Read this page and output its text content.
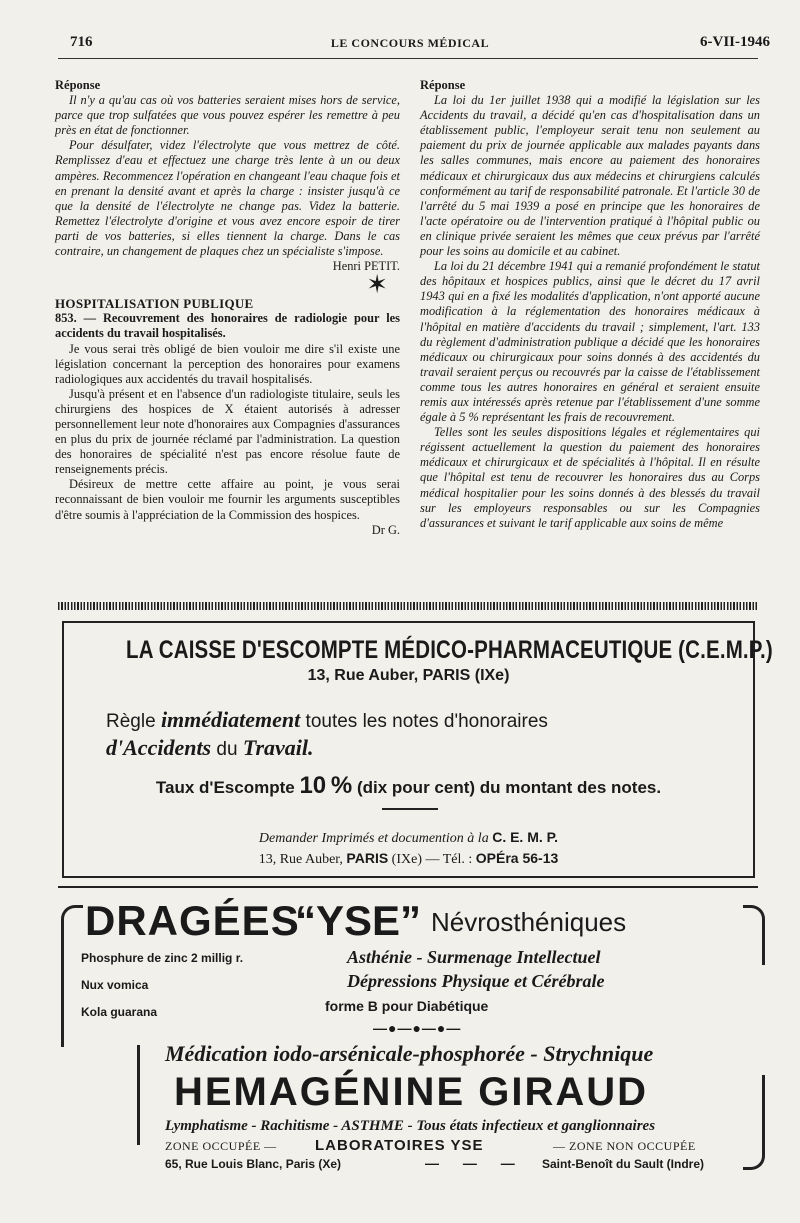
716	LE CONCOURS MÉDICAL	6-VII-1946

Réponse

Il n'y a qu'au cas où vos batteries seraient mises hors de service, parce que trop sulfatées que vous pouvez espérer les remettre à peu près en état de fonctionner.

Pour désulfater, videz l'électrolyte que vous mettrez de côté. Remplissez d'eau et effectuez une charge très lente à un ou deux ampères. Recommencez l'opération en changeant l'eau chaque fois et en prenant la densité avant et après la charge : insister jusqu'à ce que la densité de l'électrolyte ne change pas. Videz la batterie. Remettez l'électrolyte d'origine et vous avez encore espoir de tirer parti de vos batteries, si elles tiennent la charge. Dans le cas contraire, un changement de plaques chez un spécialiste s'impose.

Henri PETIT.

✶

HOSPITALISATION PUBLIQUE

853. — Recouvrement des honoraires de radiologie pour les accidents du travail hospitalisés.

Je vous serai très obligé de bien vouloir me dire s'il existe une législation concernant la perception des honoraires pour examens radiologiques aux accidentés du travail hospitalisés.

Jusqu'à présent et en l'absence d'un radiologiste titulaire, seuls les chirurgiens des hospices de X étaient autorisés à adresser personnellement leur note d'honoraires aux Compagnies d'assurances en plus du prix de journée réclamé par l'administration. La question des honoraires de spécialité n'est pas encore résolue faute de renseignements précis.

Désireux de mettre cette affaire au point, je vous serai reconnaissant de bien vouloir me fournir les arguments susceptibles d'être soumis à l'appréciation de la Commission des hospices.

Dr G.

Réponse

La loi du 1er juillet 1938 qui a modifié la législation sur les Accidents du travail, a décidé qu'en cas d'hospitalisation dans un établissement public, l'employeur serait tenu non seulement au paiement du prix de journée applicable aux malades payants dans les salles communes, mais encore au paiement des honoraires médicaux et chirurgicaux dus aux médecins et chirurgiens calculés conformément au tarif de responsabilité patronale. Et l'article 30 de l'arrêté du 5 mai 1939 a posé en principe que les honoraires de l'acte opératoire ou de l'intervention pratiqué à l'hôpital public ou en clinique privée seraient les mêmes que ceux prévus par l'arrêté pour les soins au domicile et au cabinet.

La loi du 21 décembre 1941 qui a remanié profondément le statut des hôpitaux et hospices publics, ainsi que le décret du 17 avril 1943 qui en a fixé les modalités d'application, n'ont apporté aucune modification à la réglementation des honoraires médicaux à l'hôpital en matière d'accidents du travail ; simplement, l'art. 133 du règlement d'administration publique a décidé que les honoraires médicaux ou chirurgicaux pour soins donnés à des accidentés du travail seraient perçus ou recouvrés par la caisse de l'établissement comme tous les autres honoraires en général et seraient ensuite remis aux intéressés après retenue par l'établissement d'une somme égale à 5 % représentant les frais de recouvrement.

Telles sont les seules dispositions légales et réglementaires qui régissent actuellement la question du paiement des honoraires médicaux et chirurgicaux et de spécialités à l'hôpital. Il en résulte que l'hôpital est tenu de recouvrer les honoraires dus au Corps médical hospitalier pour les soins donnés à des blessés du travail sur les employeurs responsables ou sur les Compagnies d'assurances et suivant le tarif applicable aux soins de même

LA CAISSE D'ESCOMPTE MÉDICO-PHARMACEUTIQUE (C.E.M.P.)
13, Rue Auber, PARIS (IXe)
Règle immédiatement toutes les notes d'honoraires
d'Accidents du Travail.
Taux d'Escompte 10 % (dix pour cent) du montant des notes.
Demander Imprimés et documention à la C. E. M. P.
13, Rue Auber, PARIS (IXe) — Tél. : OPÉra 56-13
DRAGÉES
“YSE” Névrosthéniques
Phosphure de zinc 2 millig r.
Nux vomica
Kola guarana
Asthénie - Surmenage Intellectuel
Dépressions Physique et Cérébrale
forme B pour Diabétique
—●—●—●—
Médication iodo-arsénicale-phosphorée - Strychnique
HEMAGÉNINE GIRAUD
Lymphatisme - Rachitisme - ASTHME - Tous états infectieux et ganglionnaires
ZONE OCCUPÉE —	LABORATOIRES YSE	— ZONE NON OCCUPÉE
65, Rue Louis Blanc, Paris (Xe)	— — — Saint-Benoît du Sault (Indre)
